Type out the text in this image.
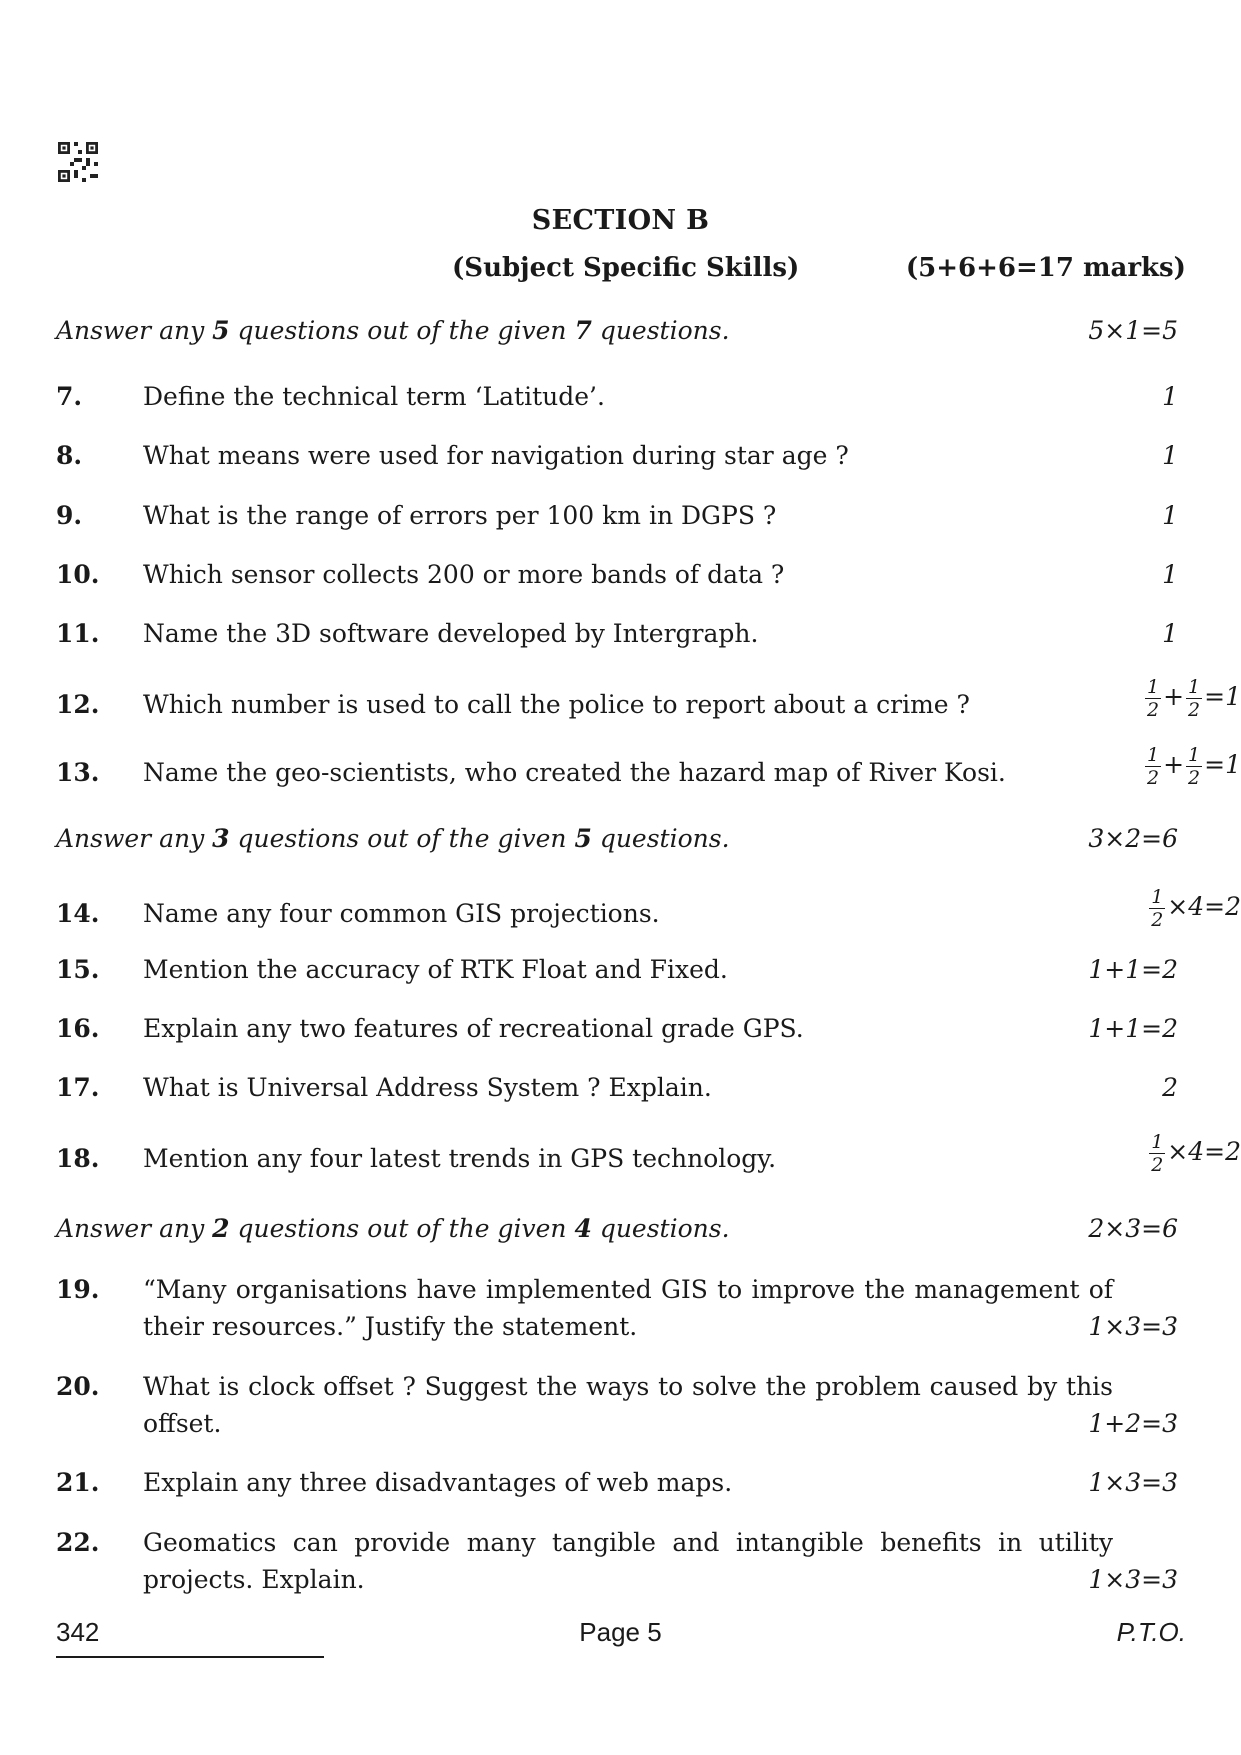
SECTION B
(Subject Specific Skills)	(5+6+6=17 marks)
Answer any 5 questions out of the given 7 questions.	5×1=5
Answer any 3 questions out of the given 5 questions.	3×2=6
Answer any 2 questions out of the given 4 questions.	2×3=6
7. Define the technical term ‘Latitude’.	1
8. What means were used for navigation during star age ?	1
9. What is the range of errors per 100 km in DGPS ?	1
10. Which sensor collects 200 or more bands of data ?	1
11. Name the 3D software developed by Intergraph.	1
12. Which number is used to call the police to report about a crime ?	$\frac{1}{2} + \frac{1}{2} =1$
13. Name the geo-scientists, who created the hazard map of River Kosi.	$\frac{1}{2} + \frac{1}{2} =1$
14. Name any four common GIS projections.	$\frac{1}{2} \times 4=2$
15. Mention the accuracy of RTK Float and Fixed.	1+1=2
16. Explain any two features of recreational grade GPS.	1+1=2
17. What is Universal Address System ? Explain.	2
18. Mention any four latest trends in GPS technology.	$\frac{1}{2} \times 4=2$
19. “Many organisations have implemented GIS to improve the management of their resources.” Justify the statement.	1×3=3
20. What is clock offset ? Suggest the ways to solve the problem caused by this offset.	1+2=3
21. Explain any three disadvantages of web maps.	1×3=3
22. Geomatics can provide many tangible and intangible benefits in utility projects. Explain.	1×3=3
342	Page 5	P.T.O.
